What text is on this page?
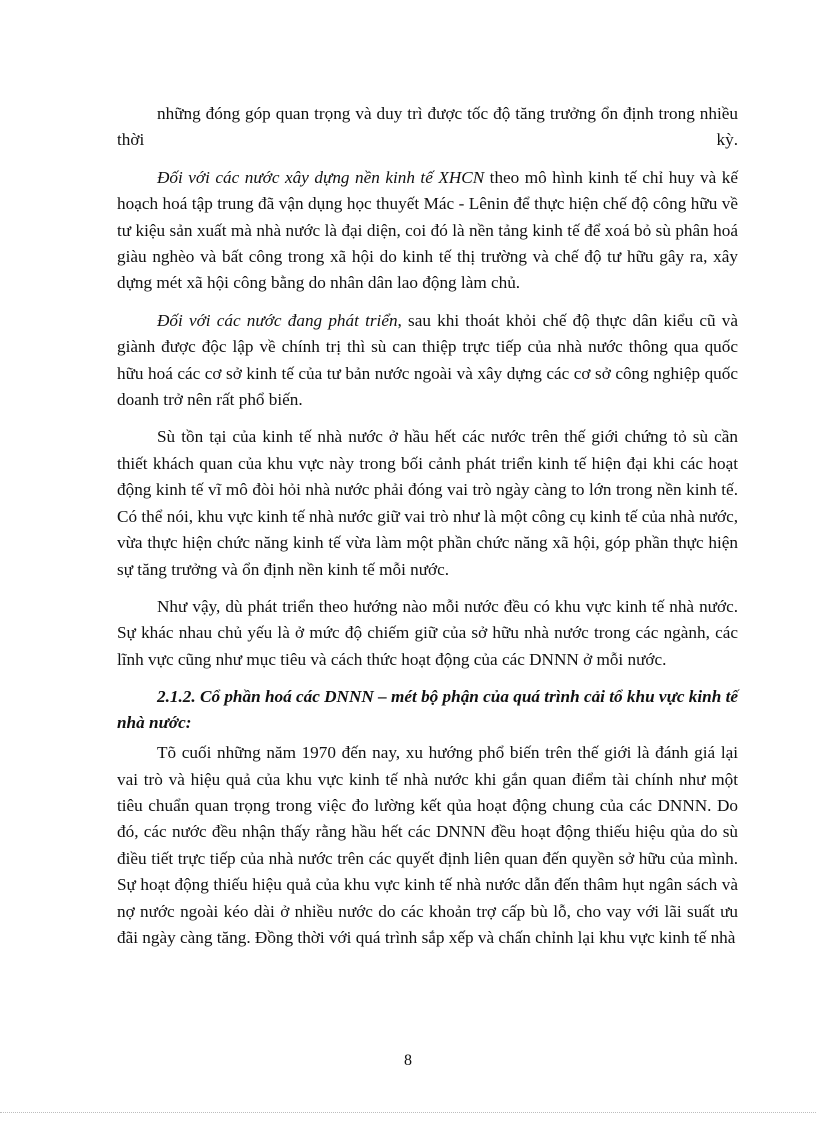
những đóng góp quan trọng và duy trì được tốc độ tăng trưởng ổn định trong nhiều thời kỳ.

Đối với các nước xây dựng nền kinh tế XHCN theo mô hình kinh tế chỉ huy và kế hoạch hoá tập trung đã vận dụng học thuyết Mác - Lênin để thực hiện chế độ công hữu về tư kiệu sản xuất mà nhà nước là đại diện, coi đó là nền tảng kinh tế để xoá bỏ sù phân hoá giàu nghèo và bất công trong xã hội do kinh tế thị trường và chế độ tư hữu gây ra, xây dựng mét xã hội công bằng do nhân dân lao động làm chủ.

Đối với các nước đang phát triển, sau khi thoát khỏi chế độ thực dân kiểu cũ và giành được độc lập về chính trị thì sù can thiệp trực tiếp của nhà nước thông qua quốc hữu hoá các cơ sở kinh tế của tư bản nước ngoài và xây dựng các cơ sở công nghiệp quốc doanh trở nên rất phổ biến.

Sù tồn tại của kinh tế nhà nước ở hầu hết các nước trên thế giới chứng tỏ sù cần thiết khách quan của khu vực này trong bối cảnh phát triển kinh tế hiện đại khi các hoạt động kinh tế vĩ mô đòi hỏi nhà nước phải đóng vai trò ngày càng to lớn trong nền kinh tế. Có thể nói, khu vực kinh tế nhà nước giữ vai trò như là một công cụ kinh tế của nhà nước, vừa thực hiện chức năng kinh tế vừa làm một phần chức năng xã hội, góp phần thực hiện sự tăng trưởng và ổn định nền kinh tế mỗi nước.

Như vậy, dù phát triển theo hướng nào mỗi nước đều có khu vực kinh tế nhà nước. Sự khác nhau chủ yếu là ở mức độ chiếm giữ của sở hữu nhà nước trong các ngành, các lĩnh vực cũng như mục tiêu và cách thức hoạt động của các DNNN ở mỗi nước.

2.1.2. Cổ phần hoá các DNNN – mét bộ phận của quá trình cải tổ khu vực kinh tế nhà nước:

Tõ cuối những năm 1970 đến nay, xu hướng phổ biến trên thế giới là đánh giá lại vai trò và hiệu quả của khu vực kinh tế nhà nước khi gắn quan điểm tài chính như một tiêu chuẩn quan trọng trong việc đo lường kết qủa hoạt động chung của các DNNN. Do đó, các nước đều nhận thấy rằng hầu hết các DNNN đều hoạt động thiếu hiệu qủa do sù điều tiết trực tiếp của nhà nước trên các quyết định liên quan đến quyền sở hữu của mình. Sự hoạt động thiếu hiệu quả của khu vực kinh tế nhà nước dẫn đến thâm hụt ngân sách và nợ nước ngoài kéo dài ở nhiều nước do các khoản trợ cấp bù lỗ, cho vay với lãi suất ưu đãi ngày càng tăng. Đồng thời với quá trình sắp xếp và chấn chỉnh lại khu vực kinh tế nhà

8
